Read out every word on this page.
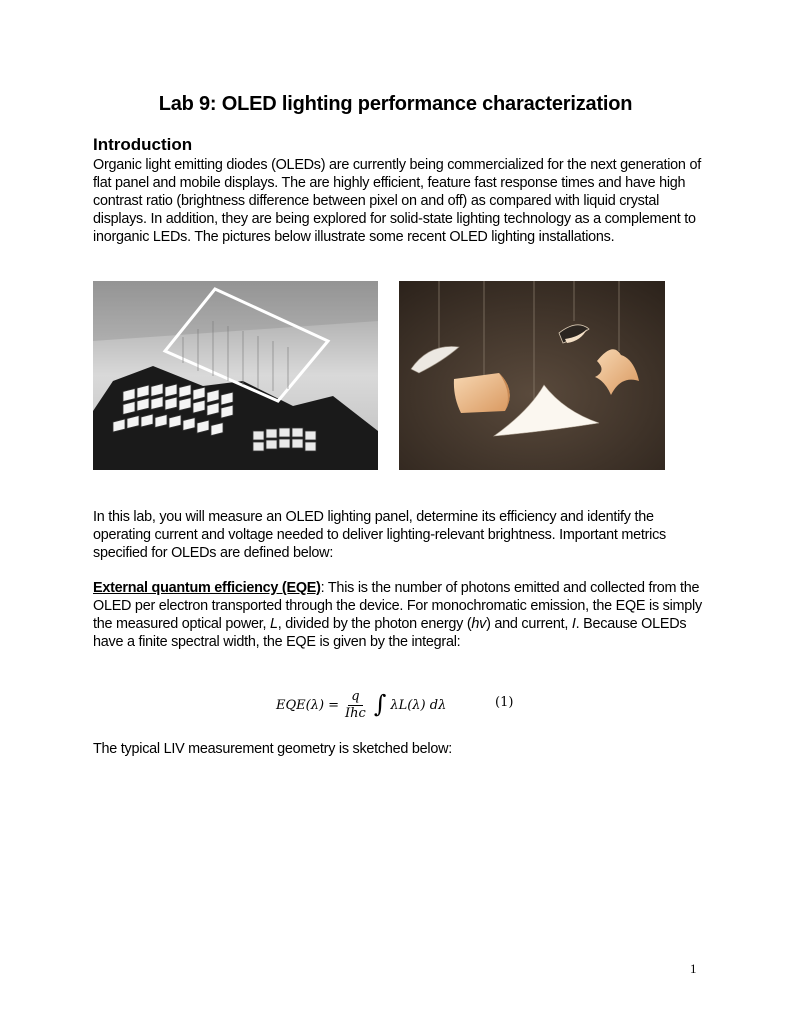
Lab 9: OLED lighting performance characterization
Introduction
Organic light emitting diodes (OLEDs) are currently being commercialized for the next generation of flat panel and mobile displays. The are highly efficient, feature fast response times and have high contrast ratio (brightness difference between pixel on and off) as compared with liquid crystal displays. In addition, they are being explored for solid-state lighting technology as a complement to inorganic LEDs. The pictures below illustrate some recent OLED lighting installations.
In this lab, you will measure an OLED lighting panel, determine its efficiency and identify the operating current and voltage needed to deliver lighting-relevant brightness. Important metrics specified for OLEDs are defined below:
External quantum efficiency (EQE): This is the number of photons emitted and collected from the OLED per electron transported through the device. For monochromatic emission, the EQE is simply the measured optical power, L, divided by the photon energy (hv) and current, I. Because OLEDs have a finite spectral width, the EQE is given by the integral:
$EQE(\lambda) = \frac{q}{\text{Ihc}}$ ∫ λL(λ) dλ	(1)
The typical LIV measurement geometry is sketched below:
1
